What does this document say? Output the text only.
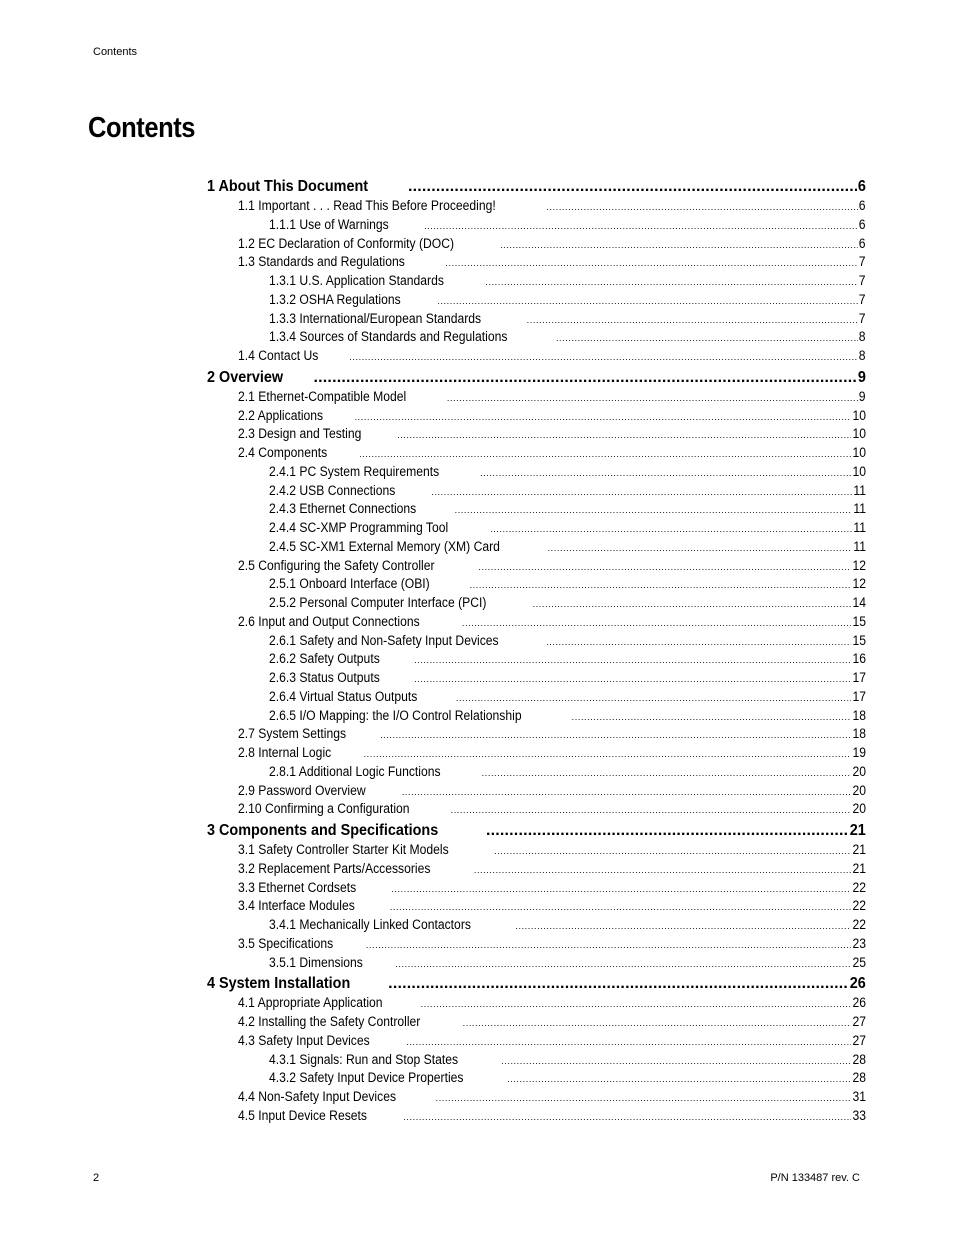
Contents
Contents
1 About This Document .....	6
1.1 Important . . . Read This Before Proceeding! .....	6
1.1.1 Use of Warnings .....	6
1.2 EC Declaration of Conformity (DOC) .....	6
1.3 Standards and Regulations .....	7
1.3.1 U.S. Application Standards .....	7
1.3.2 OSHA Regulations .....	7
1.3.3 International/European Standards .....	7
1.3.4 Sources of Standards and Regulations .....	8
1.4 Contact Us .....	8
2 Overview .....	9
2.1 Ethernet-Compatible Model .....	9
2.2 Applications .....	10
2.3 Design and Testing .....	10
2.4 Components .....	10
2.4.1 PC System Requirements .....	10
2.4.2 USB Connections .....	11
2.4.3 Ethernet Connections .....	11
2.4.4 SC-XMP Programming Tool .....	11
2.4.5 SC-XM1 External Memory (XM) Card .....	11
2.5 Configuring the Safety Controller .....	12
2.5.1 Onboard Interface (OBI) .....	12
2.5.2 Personal Computer Interface (PCI) .....	14
2.6 Input and Output Connections .....	15
2.6.1 Safety and Non-Safety Input Devices .....	15
2.6.2 Safety Outputs .....	16
2.6.3 Status Outputs .....	17
2.6.4 Virtual Status Outputs .....	17
2.6.5 I/O Mapping: the I/O Control Relationship .....	18
2.7 System Settings .....	18
2.8 Internal Logic .....	19
2.8.1 Additional Logic Functions .....	20
2.9 Password Overview .....	20
2.10 Confirming a Configuration .....	20
3 Components and Specifications .....	21
3.1 Safety Controller Starter Kit Models .....	21
3.2 Replacement Parts/Accessories .....	21
3.3 Ethernet Cordsets .....	22
3.4 Interface Modules .....	22
3.4.1 Mechanically Linked Contactors .....	22
3.5 Specifications .....	23
3.5.1 Dimensions .....	25
4 System Installation .....	26
4.1 Appropriate Application .....	26
4.2 Installing the Safety Controller .....	27
4.3 Safety Input Devices .....	27
4.3.1 Signals: Run and Stop States .....	28
4.3.2 Safety Input Device Properties .....	28
4.4 Non-Safety Input Devices .....	31
4.5 Input Device Resets .....	33
2	P/N 133487 rev. C
